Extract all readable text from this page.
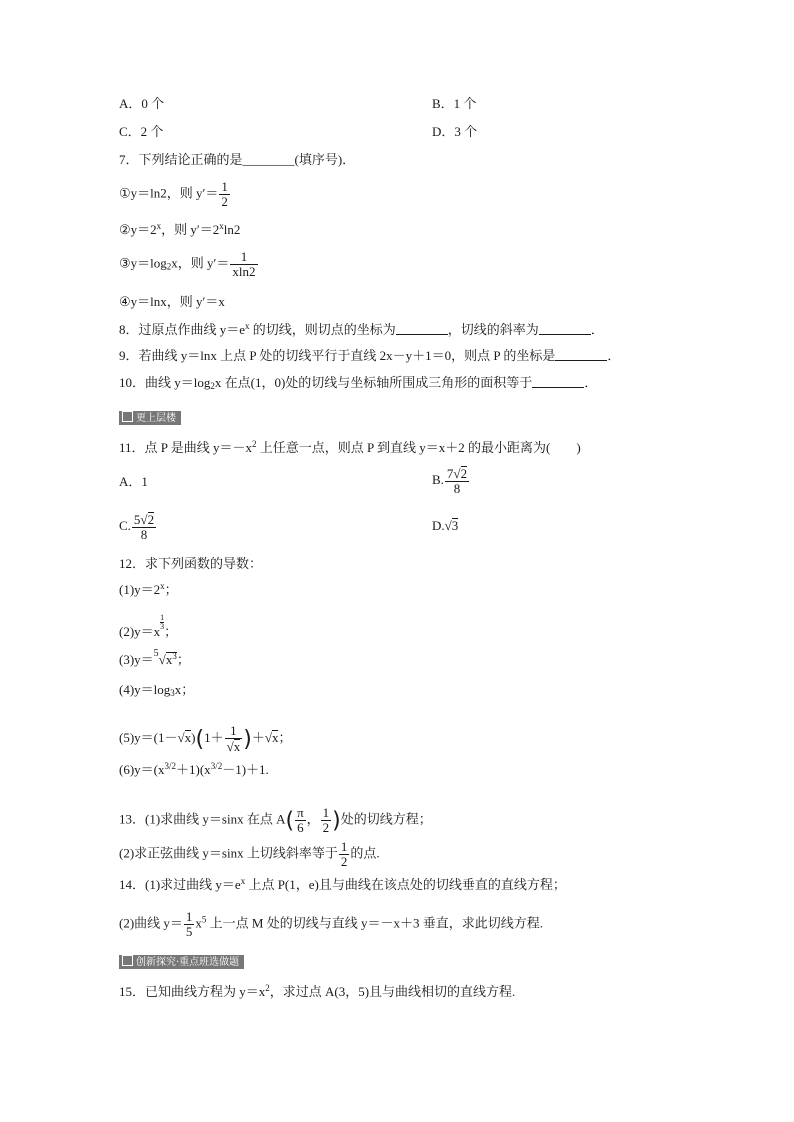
A．0 个	B．1 个
C．2 个	D．3 个
7．下列结论正确的是________(填序号)．
①y＝ln2，则 $y'= \frac{1}{2}$
$②y=2^x$，则 $y'=2^x\ln 2$
$③y=\log_2x$，则 $y'= \frac{1}{xln2}$
④y＝lnx，则 y′＝x
8．过原点作曲线 $y=e^x$ 的切线，则切点的坐标为	，切线的斜率为	．
9．若曲线 y＝lnx 上点 P 处的切线平行于直线 2x－y＋1＝0，则点 P 的坐标是	．
10．曲线 $y=\log_2x$ 在点(1，0)处的切线与坐标轴所围成三角形的面积等于	．
更上层楼
11．点 P 是曲线 $y=-x^2$ 上任意一点，则点 P 到直线 y＝x＋2 的最小距离为(　　)
A．1	B. $\frac{7√2}{8}$
C. $\frac{5√2}{8}$	D.√3
12．求下列函数的导数：
$(1)y=2^x$；
(2)y＝x
$^{\frac{1}{3}}$
；
$(3)y=^5√x^3$；
$(4)y=\log_3x$；
$(5)y=(1-√x)(1+ \frac{1}{√x} )+√x$；
$(6)y=(x^{3/2}+1)(x^{3/2}-1)+1$.
13．(1)求曲线 y＝sinx 在点 $A( \frac{\pi}{6}$ ， $\frac{1}{2}$ )处的切线方程；
(2)求正弦曲线 y＝sinx 上切线斜率等于 $\frac{1}{2}$ 的点.
14．(1)求过曲线 $y=e^x$ 上点 P(1，e)且与曲线在该点处的切线垂直的直线方程；
(2)曲线 $y= \frac{1}{5} x^5$ 上一点 M 处的切线与直线 y＝－x＋3 垂直，求此切线方程.
创新探究·重点班选做题
15．已知曲线方程为 $y=x^2$，求过点 A(3，5)且与曲线相切的直线方程.
